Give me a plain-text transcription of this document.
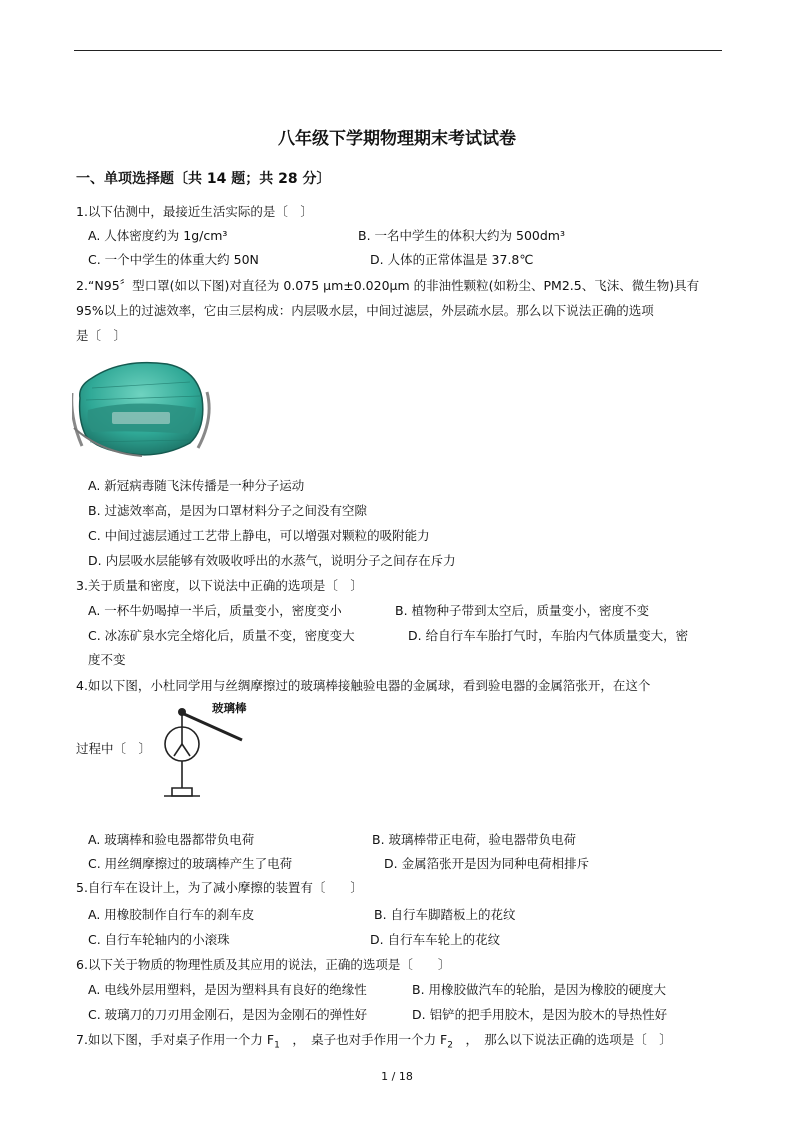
八年级下学期物理期末考试试卷
一、单项选择题〔共 14 题；共 28 分〕
1.以下估测中，最接近生活实际的是〔　〕
A. 人体密度约为 1g/cm³	B. 一名中学生的体积大约为 500dm³
C. 一个中学生的体重大约 50N	D. 人体的正常体温是 37.8℃
2.“N95〞型口罩(如以下图)对直径为 0.075 μm±0.020μm 的非油性颗粒(如粉尘、PM2.5、飞沫、微生物)具有
95%以上的过滤效率，它由三层构成：内层吸水层，中间过滤层，外层疏水层。那么以下说法正确的选项
是〔　〕
A. 新冠病毒随飞沫传播是一种分子运动
B. 过滤效率高，是因为口罩材料分子之间没有空隙
C. 中间过滤层通过工艺带上静电，可以增强对颗粒的吸附能力
D. 内层吸水层能够有效吸收呼出的水蒸气，说明分子之间存在斥力
3.关于质量和密度，以下说法中正确的选项是〔　〕
A. 一杯牛奶喝掉一半后，质量变小，密度变小	B. 植物种子带到太空后，质量变小，密度不变
C. 冰冻矿泉水完全熔化后，质量不变，密度变大	D. 给自行车车胎打气时，车胎内气体质量变大，密
度不变
4.如以下图，小杜同学用与丝绸摩擦过的玻璃棒接触验电器的金属球，看到验电器的金属箔张开，在这个
过程中〔　〕
玻璃棒
A. 玻璃棒和验电器都带负电荷	B. 玻璃棒带正电荷，验电器带负电荷
C. 用丝绸摩擦过的玻璃棒产生了电荷	D. 金属箔张开是因为同种电荷相排斥
5.自行车在设计上，为了减小摩擦的装置有〔　　〕
A. 用橡胶制作自行车的刹车皮	B. 自行车脚踏板上的花纹
C. 自行车轮轴内的小滚珠	D. 自行车车轮上的花纹
6.以下关于物质的物理性质及其应用的说法，正确的选项是〔　　〕
A. 电线外层用塑料，是因为塑料具有良好的绝缘性	B. 用橡胶做汽车的轮胎，是因为橡胶的硬度大
C. 玻璃刀的刀刃用金刚石，是因为金刚石的弹性好	D. 铝铲的把手用胶木，是因为胶木的导热性好
7.如以下图，手对桌子作用一个力 $F_1$　，　桌子也对手作用一个力 $F_2$　，　那么以下说法正确的选项是〔　〕
1 / 18
